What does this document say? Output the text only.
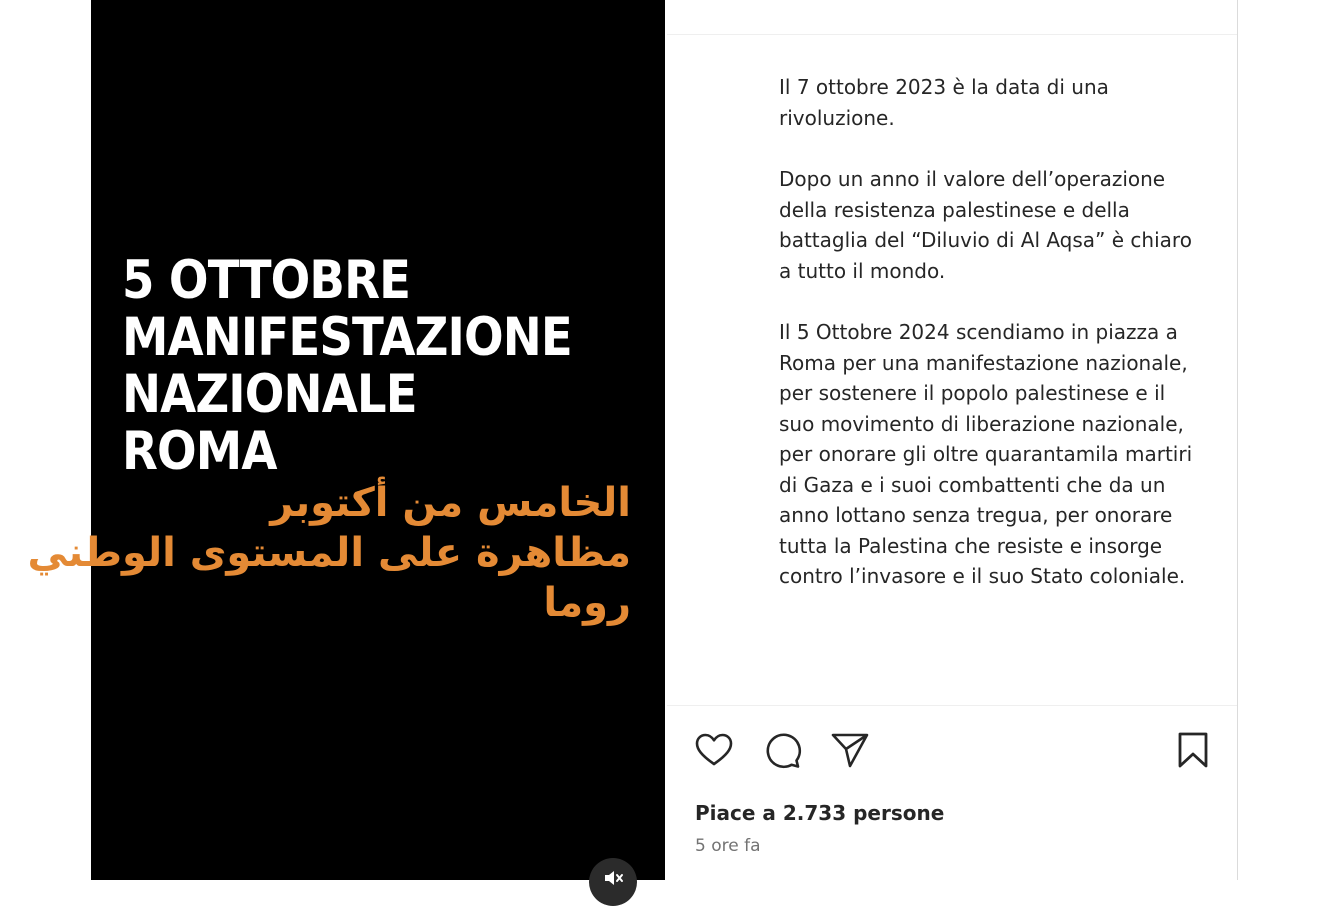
5 OTTOBRE
MANIFESTAZIONE
NAZIONALE
ROMA
الخامس من أكتوبر
مظاهرة على المستوى الوطني
روما

Il 7 ottobre 2023 è la data di una rivoluzione.

Dopo un anno il valore dell’operazione della resistenza palestinese e della battaglia del “Diluvio di Al Aqsa” è chiaro a tutto il mondo.

Il 5 Ottobre 2024 scendiamo in piazza a Roma per una manifestazione nazionale, per sostenere il popolo palestinese e il suo movimento di liberazione nazionale, per onorare gli oltre quarantamila martiri di Gaza e i suoi combattenti che da un anno lottano senza tregua, per onorare tutta la Palestina che resiste e insorge contro l’invasore e il suo Stato coloniale.

Piace a 2.733 persone
5 ore fa
